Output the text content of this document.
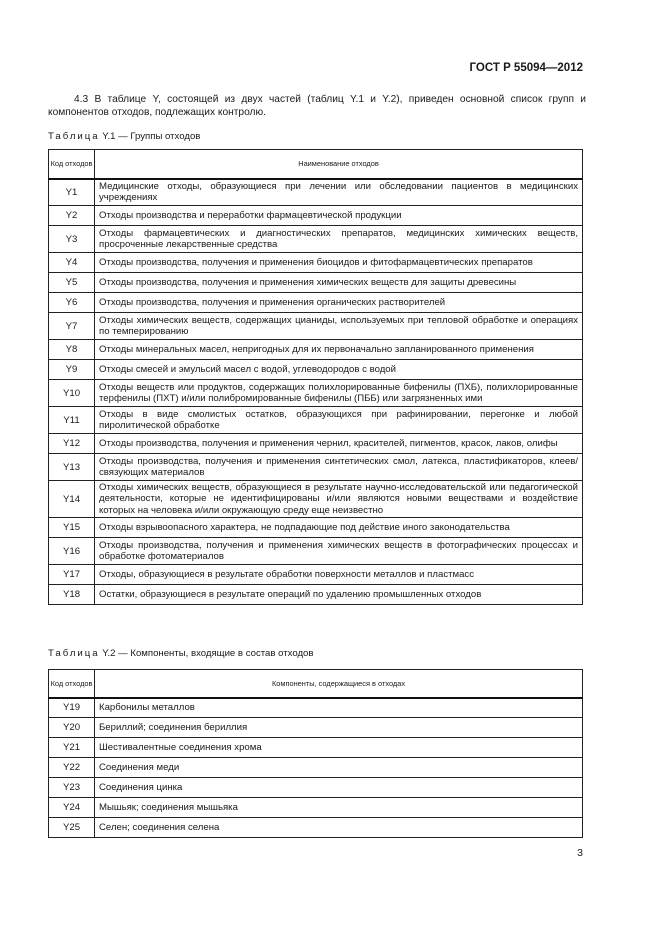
ГОСТ Р 55094—2012
4.3 В таблице Y, состоящей из двух частей (таблиц Y.1 и Y.2), приведен основной список групп и компонентов отходов, подлежащих контролю.
Таблица Y.1 — Группы отходов
Код отходов	Наименование отходов
Y1	Медицинские отходы, образующиеся при лечении или обследовании пациентов в медицинских учреждениях
Y2	Отходы производства и переработки фармацевтической продукции
Y3	Отходы фармацевтических и диагностических препаратов, медицинских химических веществ, просроченные лекарственные средства
Y4	Отходы производства, получения и применения биоцидов и фитофармацевтических препаратов
Y5	Отходы производства, получения и применения химических веществ для защиты древесины
Y6	Отходы производства, получения и применения органических растворителей
Y7	Отходы химических веществ, содержащих цианиды, используемых при тепловой обработке и операциях по темперированию
Y8	Отходы минеральных масел, непригодных для их первоначально запланированного применения
Y9	Отходы смесей и эмульсий масел с водой, углеводородов с водой
Y10	Отходы веществ или продуктов, содержащих полихлорированные бифенилы (ПХБ), полихлорированные терфенилы (ПХТ) и/или полибромированные бифенилы (ПББ) или загрязненных ими
Y11	Отходы в виде смолистых остатков, образующихся при рафинировании, перегонке и любой пиролитической обработке
Y12	Отходы производства, получения и применения чернил, красителей, пигментов, красок, лаков, олифы
Y13	Отходы производства, получения и применения синтетических смол, латекса, пластификаторов, клеев/связующих материалов
Y14	Отходы химических веществ, образующиеся в результате научно-исследовательской или педагогической деятельности, которые не идентифицированы и/или являются новыми веществами и воздействие которых на человека и/или окружающую среду еще неизвестно
Y15	Отходы взрывоопасного характера, не подпадающие под действие иного законодательства
Y16	Отходы производства, получения и применения химических веществ в фотографических процессах и обработке фотоматериалов
Y17	Отходы, образующиеся в результате обработки поверхности металлов и пластмасс
Y18	Остатки, образующиеся в результате операций по удалению промышленных отходов
Таблица Y.2 — Компоненты, входящие в состав отходов
Код отходов	Компоненты, содержащиеся в отходах
Y19	Карбонилы металлов
Y20	Бериллий; соединения бериллия
Y21	Шестивалентные соединения хрома
Y22	Соединения меди
Y23	Соединения цинка
Y24	Мышьяк; соединения мышьяка
Y25	Селен; соединения селена
3
